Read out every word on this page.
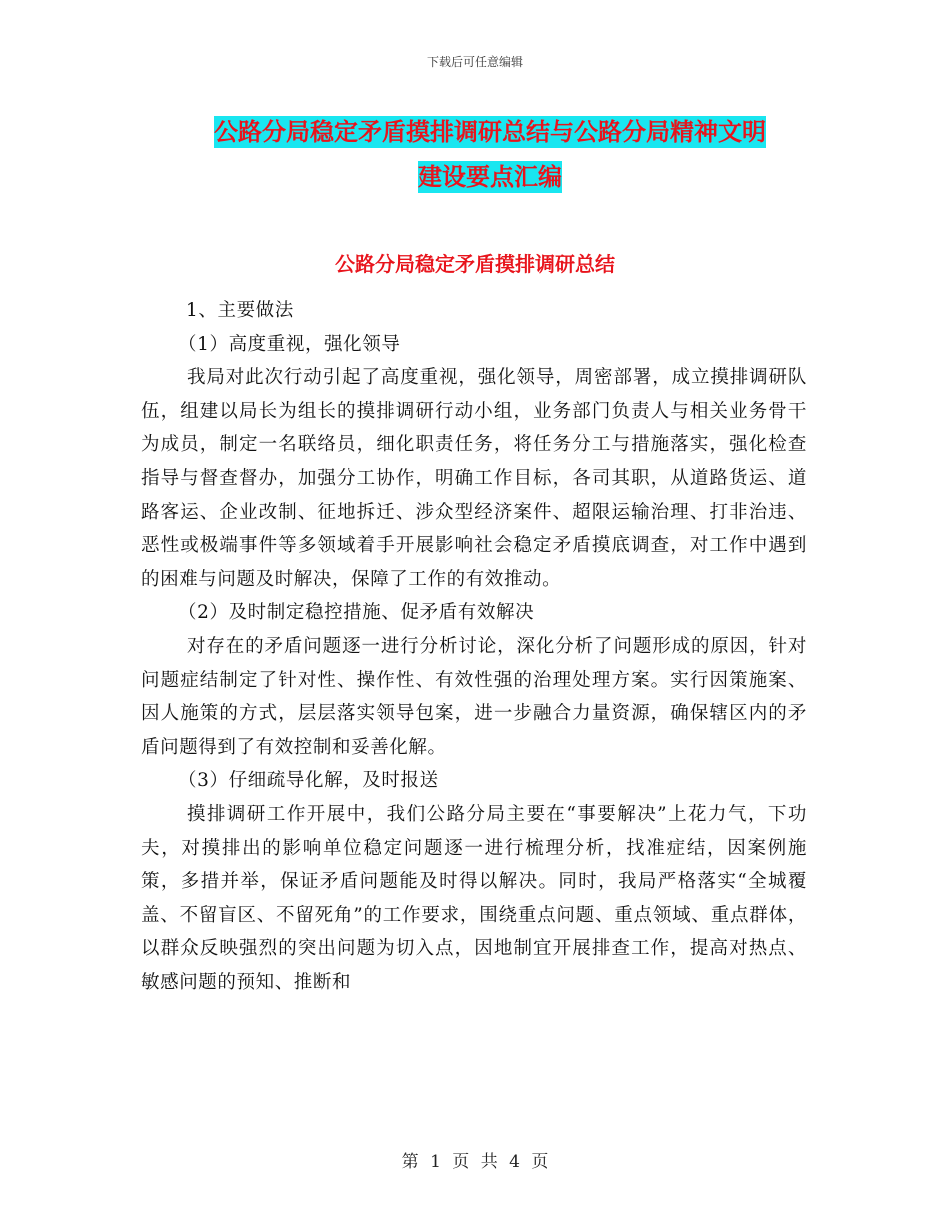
下载后可任意编辑
公路分局稳定矛盾摸排调研总结与公路分局精神文明
建设要点汇编
公路分局稳定矛盾摸排调研总结

1、主要做法

（1）高度重视，强化领导

我局对此次行动引起了高度重视，强化领导，周密部署，成立摸排调研队伍，组建以局长为组长的摸排调研行动小组，业务部门负责人与相关业务骨干为成员，制定一名联络员，细化职责任务，将任务分工与措施落实，强化检查指导与督查督办，加强分工协作，明确工作目标，各司其职，从道路货运、道路客运、企业改制、征地拆迁、涉众型经济案件、超限运输治理、打非治违、恶性或极端事件等多领域着手开展影响社会稳定矛盾摸底调查，对工作中遇到的困难与问题及时解决，保障了工作的有效推动。

（2）及时制定稳控措施、促矛盾有效解决

对存在的矛盾问题逐一进行分析讨论，深化分析了问题形成的原因，针对问题症结制定了针对性、操作性、有效性强的治理处理方案。实行因策施案、因人施策的方式，层层落实领导包案，进一步融合力量资源，确保辖区内的矛盾问题得到了有效控制和妥善化解。

（3）仔细疏导化解，及时报送

摸排调研工作开展中，我们公路分局主要在“事要解决”上花力气，下功夫，对摸排出的影响单位稳定问题逐一进行梳理分析，找准症结，因案例施策，多措并举，保证矛盾问题能及时得以解决。同时，我局严格落实“全城覆盖、不留盲区、不留死角”的工作要求，围绕重点问题、重点领域、重点群体，以群众反映强烈的突出问题为切入点，因地制宜开展排查工作，提高对热点、敏感问题的预知、推断和

第 1 页 共 4 页
